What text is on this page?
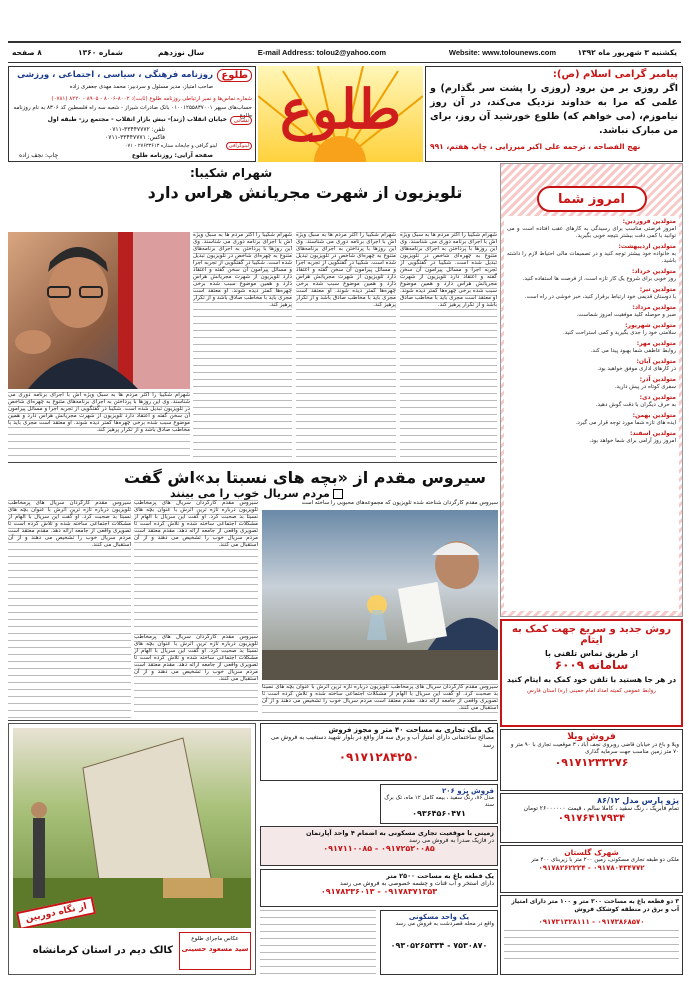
یکشنبه ۳ شهریور ماه ۱۳۹۲
Website: www.tolounews.com
E-mail Address: tolou2@yahoo.com
سال نوزدهم
شماره ۱۳۶۰
۸ صفحه
پیامبر گرامی اسلام (ص):
اگر روزی بر من برود (روزی را پشت سر بگذارم) و علمی که مرا به خداوند نزدیک می‌کند، در آن روز نیاموزم، (می خواهم که) طلوع خورشید آن روز، برای من مبارک نباشد.
نهج الفصاحه ، ترجمه علی اکبر میرزایی ، چاپ هفتم، ۹۹۱
طلوع
طلوع
روزنامه فرهنگی ، سیاسی ، اجتماعی ، ورزشی
صاحب امتیاز، مدیر مسئول و سردبیر: محمد مهدی جعفری زاده
شماره تماس‌ها و نمبر ارتباطی روزنامه طلوع (ثابت): ۸۰۰۲-۸۰۰۶ - ۸۹۰۵ - ۸۲۲۰ (۰۷۸۱)
حساب‌های سپهر ۰۱۰۰۱۲۵۵۸۳۷۰۰۱ بانک صادرات شیراز - شعبه سه راه فلسطین کد ۸۳۰۶ به نام روزنامه طلوع
نشانی
خیابان انقلاب (زند)- نبش بازار انقلاب - مجتمع رز- طبقه اول
تلفن: ۳۳۴۴۷۷۷۲-۰۷۱۱
فاکس: ۳۳۴۴۷۷۷۱-۰۷۱۱
لیتوگرافی
لیتو گرافی و چاپخانه ستاره ۲۷۶۳۳۶۱۳ - ۰۷۱
صفحه آرایی: روزنامه طلوع
چاپ: نجف زاده
امروز شما
متولدین فروردین:
امروز فرصتی مناسب برای رسیدگی به کارهای عقب افتاده است و می توانید با کمی دقت بیشتر نتیجه خوبی بگیرید.
متولدین اردیبهشت:
به خانواده خود بیشتر توجه کنید و در تصمیمات مالی احتیاط لازم را داشته باشید.
متولدین خرداد:
روز خوبی برای شروع یک کار تازه است، از فرصت ها استفاده کنید.
متولدین تیر:
با دوستان قدیمی خود ارتباط برقرار کنید، خبر خوشی در راه است.
متولدین مرداد:
صبر و حوصله کلید موفقیت امروز شماست.
متولدین شهریور:
سلامتی خود را جدی بگیرید و کمی استراحت کنید.
متولدین مهر:
روابط عاطفی شما بهبود پیدا می کند.
متولدین آبان:
در کارهای اداری موفق خواهید بود.
متولدین آذر:
سفری کوتاه در پیش دارید.
متولدین دی:
به حرف دیگران با دقت گوش دهید.
متولدین بهمن:
ایده های تازه شما مورد توجه قرار می گیرد.
متولدین اسفند:
امروز روز آرامی برای شما خواهد بود.
شهرام شکیبا:
تلویزیون از شهرت مجریانش هراس دارد
شهرام شکیبا را اکثر مردم ها به سبک ویژه اش با اجرای برنامه دوری می شناسند. وی این روزها با پرداختن به اجرای برنامه‌های متنوع به چهره‌ای شاخص در تلویزیون تبدیل شده است. شکیبا در گفتگویی از تجربه اجرا و مسائل پیرامون آن سخن گفته و اعتقاد دارد تلویزیون از شهرت مجریانش هراس دارد و همین موضوع سبب شده برخی چهره‌ها کمتر دیده شوند. او معتقد است مجری باید با مخاطب صادق باشد و از تکرار پرهیز کند.
شهرام شکیبا را اکثر مردم ها به سبک ویژه اش با اجرای برنامه دوری می شناسند. وی این روزها با پرداختن به اجرای برنامه‌های متنوع به چهره‌ای شاخص در تلویزیون تبدیل شده است. شکیبا در گفتگویی از تجربه اجرا و مسائل پیرامون آن سخن گفته و اعتقاد دارد تلویزیون از شهرت مجریانش هراس دارد و همین موضوع سبب شده برخی چهره‌ها کمتر دیده شوند. او معتقد است مجری باید با مخاطب صادق باشد و از تکرار پرهیز کند.
شهرام شکیبا را اکثر مردم ها به سبک ویژه اش با اجرای برنامه دوری می شناسند. وی این روزها با پرداختن به اجرای برنامه‌های متنوع به چهره‌ای شاخص در تلویزیون تبدیل شده است. شکیبا در گفتگویی از تجربه اجرا و مسائل پیرامون آن سخن گفته و اعتقاد دارد تلویزیون از شهرت مجریانش هراس دارد و همین موضوع سبب شده برخی چهره‌ها کمتر دیده شوند. او معتقد است مجری باید با مخاطب صادق باشد و از تکرار پرهیز کند.
شهرام شکیبا را اکثر مردم ها به سبک ویژه اش با اجرای برنامه دوری می شناسند. وی این روزها با پرداختن به اجرای برنامه‌های متنوع به چهره‌ای شاخص در تلویزیون تبدیل شده است. شکیبا در گفتگویی از تجربه اجرا و مسائل پیرامون آن سخن گفته و اعتقاد دارد تلویزیون از شهرت مجریانش هراس دارد و همین موضوع سبب شده برخی چهره‌ها کمتر دیده شوند. او معتقد است مجری باید با مخاطب صادق باشد و از تکرار پرهیز کند.
سیروس مقدم از «بچه های نسبتا بد»اش گفت
مردم سریال خوب را می بینند
سیروس مقدم کارگردان سریال های پرمخاطب تلویزیون درباره تازه ترین اثرش با عنوان بچه های نسبتا بد صحبت کرد. او گفت این سریال با الهام از مشکلات اجتماعی ساخته شده و تلاش کرده است تا تصویری واقعی از جامعه ارائه دهد. مقدم معتقد است مردم سریال خوب را تشخیص می دهند و از آن استقبال می کنند.
سیروس مقدم کارگردان سریال های پرمخاطب تلویزیون درباره تازه ترین اثرش با عنوان بچه های نسبتا بد صحبت کرد. او گفت این سریال با الهام از مشکلات اجتماعی ساخته شده و تلاش کرده است تا تصویری واقعی از جامعه ارائه دهد. مقدم معتقد است مردم سریال خوب را تشخیص می دهند و از آن استقبال می کنند.
سیروس مقدم کارگردان شناخته شده تلویزیون که مجموعه‌های محبوبی را ساخته است
سیروس مقدم کارگردان سریال های پرمخاطب تلویزیون درباره تازه ترین اثرش با عنوان بچه های نسبتا بد صحبت کرد. او گفت این سریال با الهام از مشکلات اجتماعی ساخته شده و تلاش کرده است تا تصویری واقعی از جامعه ارائه دهد. مقدم معتقد است مردم سریال خوب را تشخیص می دهند و از آن استقبال می کنند.
سیروس مقدم کارگردان سریال های پرمخاطب تلویزیون درباره تازه ترین اثرش با عنوان بچه های نسبتا بد صحبت کرد. او گفت این سریال با الهام از مشکلات اجتماعی ساخته شده و تلاش کرده است تا تصویری واقعی از جامعه ارائه دهد. مقدم معتقد است مردم سریال خوب را تشخیص می دهند و از آن استقبال می کنند.
از نگاه دوربین
عکاس ماجرای طلوع
سید مسعود حسینی
کالک دیم در استان کرمانشاه
یک ملک تجاری به مساحت ۴۰ متر و مجوز فروش
مصالح ساختمانی دارای امتیاز آب و برق سه فاز واقع در بلوار شهید دستغیب به فروش می رسد
۰۹۱۷۱۲۸۴۲۵۰
فروش پژو ۲۰۶
مدل ۸۶، رنگ سفید ، بیمه کامل ۱۲ ماه، تک برگ سند
۰۹۳۶۴۵۶۰۴۷۱
زمینی با موقعیت تجاری مسکونی به اضمام ۴ واحد آپارتمان
در فازیک صدرا به فروش می رسد
۰۹۱۷۲۵۲۰۰۸۵ - ۰۹۱۷۱۱۰۰۸۵
یک قطعه باغ به مساحت ۲۵۰۰ متر
دارای استخر و آب قنات و چشمه خصوصی به فروش می رسد
۰۹۱۷۸۳۷۱۳۵۳ - ۰۹۱۷۸۳۳۶۰۱۳
یک واحد مسکونی
واقع در محله قصردشت به فروش می رسد
۷۵۳۰۸۷۰ - ۰۹۳۰۵۲۶۵۳۳۴
روش جدید و سریع جهت کمک به ایتام
از طریق تماس تلفنی با
سامانه ۶۰۰۹
در هر جا هستید با تلفن خود کمک به ایتام کنید
روابط عمومی کمیته امداد امام خمینی (ره) استان فارس
فروش ویلا
ویلا و باغ در خیابان قاضی روبروی نجف آباد ، ۳ موقعیت تجاری با ۹۰ متر و ۷۰ متر زمین مناسب جهت سرمایه گذاری
۰۹۱۷۱۲۳۳۲۷۶
پژو پارس مدل ۸۶/۱۲
تمام فابریک ، رنگ سفید ، کاملا سالم ، قیمت ۲۶۰۰۰۰۰۰ تومان
۰۹۱۷۶۴۱۷۹۳۴
شهرک گلستان
ملکی دو طبقه تجاری مسکونی، زمین ۲۰۰ متر با زیربنای ۴۰۰ متر
۰۹۱۷۸۰۴۳۴۷۷۲ - ۰۹۱۷۸۲۶۲۲۲۴
۳ دو قطعه باغ به مساحت ۳۰۰ متر و ۱۰۰ متر دارای امتیاز آب و برق در منطقه کوشکک فروش
۰۹۱۷۳۸۶۸۵۷۰ - ۰۹۱۷۳۱۳۲۸۱۱۱
